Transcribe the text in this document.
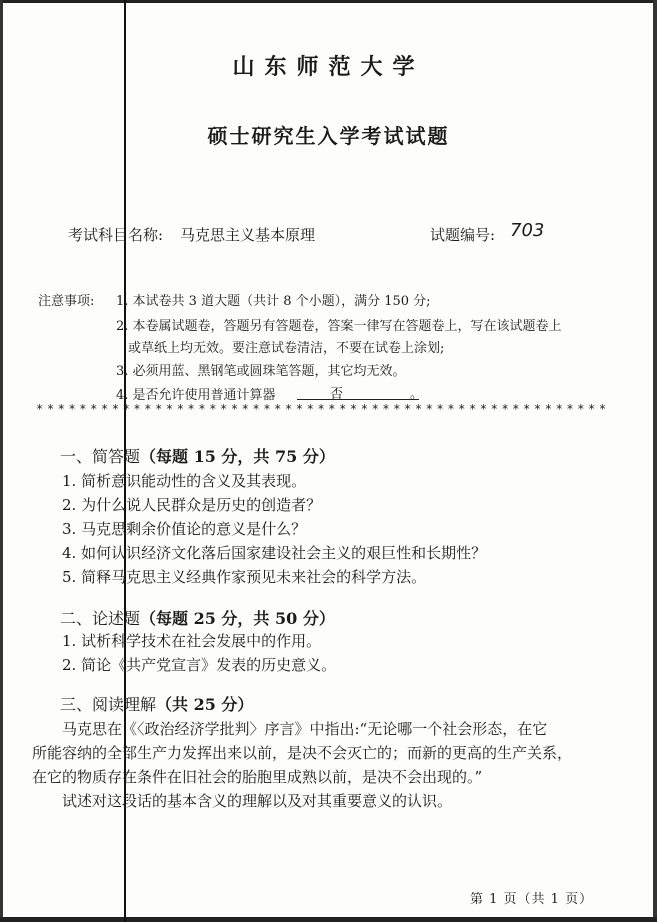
山东师范大学
硕士研究生入学考试试题
考试科目名称: 马克思主义基本原理	试题编号: 703
注意事项: 1. 本试卷共 3 道大题（共计 8 个小题），满分 150 分;
2. 本卷属试题卷，答题另有答题卷，答案一律写在答题卷上，写在该试题卷上
或草纸上均无效。要注意试卷清洁，不要在试卷上涂划;
3. 必须用蓝、黑钢笔或圆珠笔答题，其它均无效。
4. 是否允许使用普通计算器	否	。
*****************************************************
一、简答题（每题 15 分，共 75 分）
1. 简析意识能动性的含义及其表现。
2. 为什么说人民群众是历史的创造者？
3. 马克思剩余价值论的意义是什么？
4. 如何认识经济文化落后国家建设社会主义的艰巨性和长期性？
5. 简释马克思主义经典作家预见未来社会的科学方法。
二、论述题（每题 25 分，共 50 分）
1. 试析科学技术在社会发展中的作用。
2. 简论《共产党宣言》发表的历史意义。
三、阅读理解（共 25 分）
马克思在《〈政治经济学批判〉序言》中指出:“无论哪一个社会形态，在它
所能容纳的全部生产力发挥出来以前，是决不会灭亡的；而新的更高的生产关系，
在它的物质存在条件在旧社会的胎胞里成熟以前，是决不会出现的。”
试述对这段话的基本含义的理解以及对其重要意义的认识。
第 1 页（共 1 页）
